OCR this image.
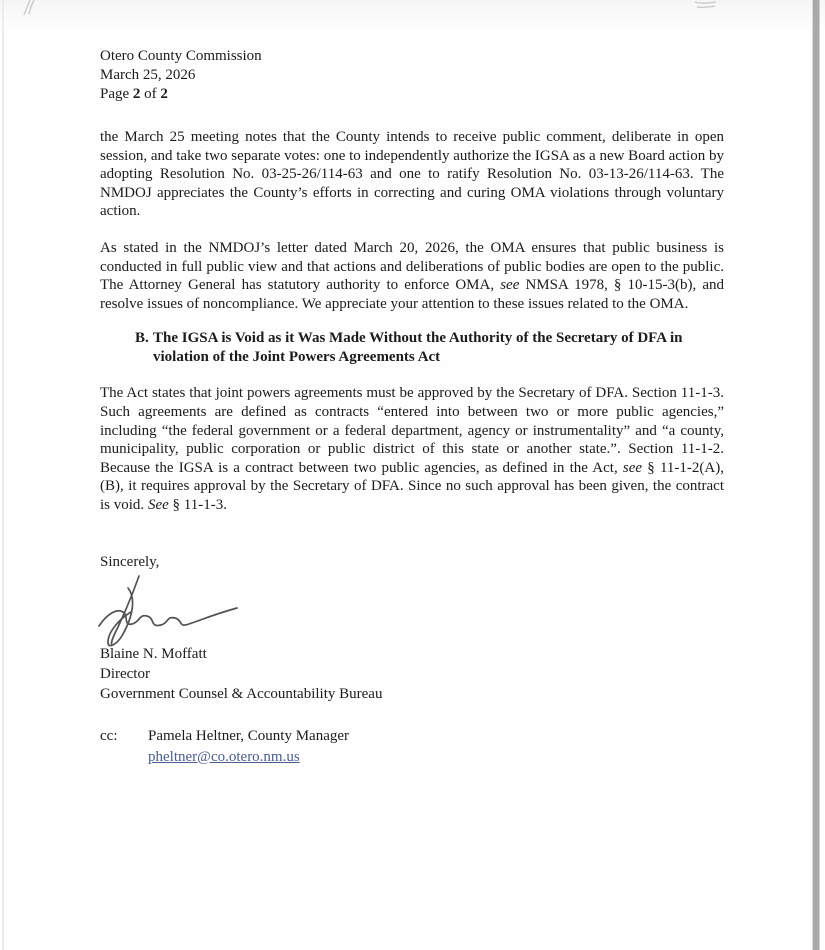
Otero County Commission
March 25, 2026
Page 2 of 2

the March 25 meeting notes that the County intends to receive public comment, deliberate in open session, and take two separate votes: one to independently authorize the IGSA as a new Board action by adopting Resolution No. 03-25-26/114-63 and one to ratify Resolution No. 03-13-26/114-63. The NMDOJ appreciates the County’s efforts in correcting and curing OMA violations through voluntary action.

As stated in the NMDOJ’s letter dated March 20, 2026, the OMA ensures that public business is conducted in full public view and that actions and deliberations of public bodies are open to the public. The Attorney General has statutory authority to enforce OMA, see NMSA 1978, § 10-15-3(b), and resolve issues of noncompliance. We appreciate your attention to these issues related to the OMA.

B. The IGSA is Void as it Was Made Without the Authority of the Secretary of DFA in violation of the Joint Powers Agreements Act

The Act states that joint powers agreements must be approved by the Secretary of DFA. Section 11-1-3. Such agreements are defined as contracts “entered into between two or more public agencies,” including “the federal government or a federal department, agency or instrumentality” and “a county, municipality, public corporation or public district of this state or another state.”. Section 11-1-2. Because the IGSA is a contract between two public agencies, as defined in the Act, see § 11-1-2(A), (B), it requires approval by the Secretary of DFA. Since no such approval has been given, the contract is void. See § 11-1-3.

Sincerely,
Blaine N. Moffatt
Director
Government Counsel & Accountability Bureau
cc:	Pamela Heltner, County Manager
pheltner@co.otero.nm.us
